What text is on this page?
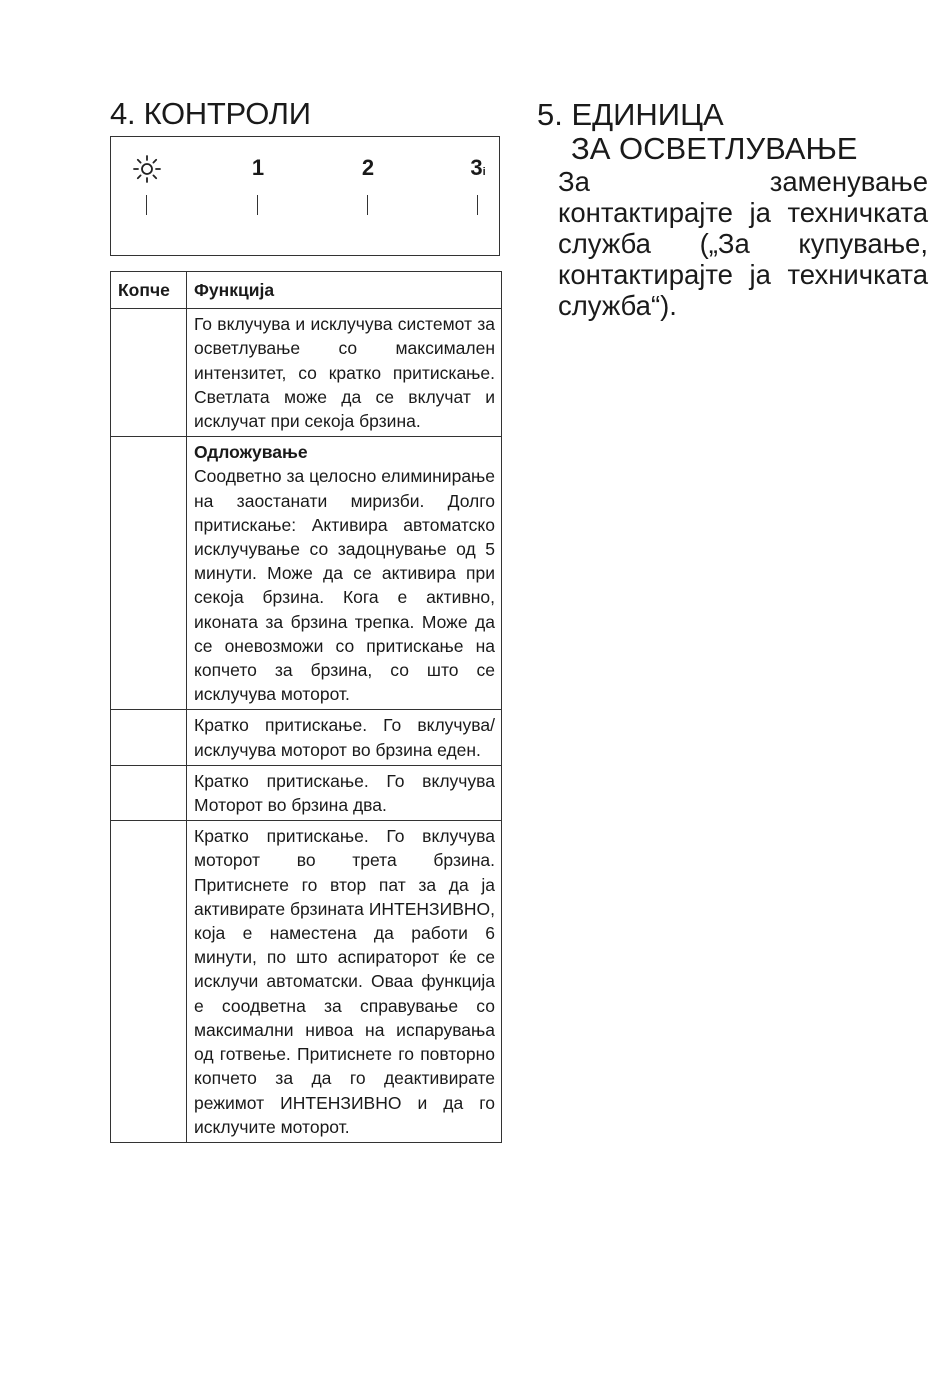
4. КОНТРОЛИ
1	2	3i
Копче	Функција
	Го вклучува и исклучува системот за осветлување со максимален интензитет, со кратко притискање. Светлата може да се вклучат и исклучат при секоја брзина.

	Одложување
Соодветно за целосно елиминирање на заостанати миризби. Долго притискање: Активира автоматско исклучување со задоцнување од 5 минути. Може да се активира при секоја брзина. Кога е активно, иконата за брзина трепка. Може да се оневозможи со притискање на копчето за брзина, со што се исклучува моторот.
	Кратко притискање. Го вклучува/исклучува моторот во брзина еден.
	Кратко притискање. Го вклучува Моторот во брзина два.
	Кратко притискање. Го вклучува моторот во трета брзина. Притиснете го втор пат за да ја активирате брзината ИНТЕНЗИВНО, која е наместена да работи 6 минути, по што аспираторот ќе се исклучи автоматски. Оваа функција е соодветна за справување со максимални нивоа на испарувања од готвење. Притиснете го повторно копчето за да го деактивирате режимот ИНТЕНЗИВНО и да го исклучите моторот.
5. ЕДИНИЦА
ЗА ОСВЕТЛУВАЊЕ

За заменување контактирајте ја техничката служба („За купување, контактирајте ја техничката служба“).
